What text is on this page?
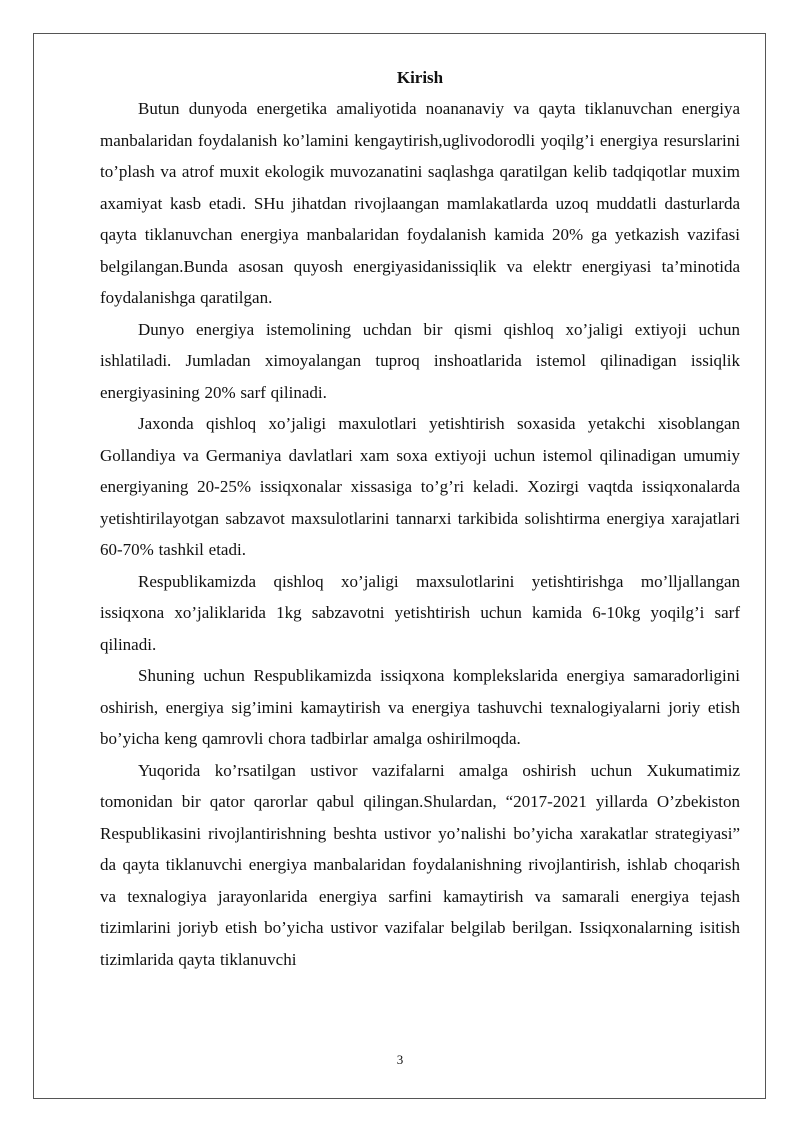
Kirish

Butun dunyoda energetika amaliyotida noananaviy va qayta tiklanuvchan energiya manbalaridan foydalanish ko’lamini kengaytirish,uglivodorodli yoqilg’i energiya resurslarini to’plash va atrof muxit ekologik muvozanatini saqlashga qaratilgan kelib tadqiqotlar muxim axamiyat kasb etadi. SHu jihatdan rivojlaangan mamlakatlarda uzoq muddatli dasturlarda qayta tiklanuvchan energiya manbalaridan foydalanish kamida 20% ga yetkazish vazifasi belgilangan.Bunda asosan quyosh energiyasidanissiqlik va elektr energiyasi ta’minotida foydalanishga qaratilgan.

Dunyo energiya istemolining uchdan bir qismi qishloq xo’jaligi extiyoji uchun ishlatiladi. Jumladan ximoyalangan tuproq inshoatlarida istemol qilinadigan issiqlik energiyasining 20% sarf qilinadi.

Jaxonda qishloq xo’jaligi maxulotlari yetishtirish soxasida yetakchi xisoblangan Gollandiya va Germaniya davlatlari xam soxa extiyoji uchun istemol qilinadigan umumiy energiyaning 20-25% issiqxonalar xissasiga to’g’ri keladi. Xozirgi vaqtda issiqxonalarda yetishtirilayotgan sabzavot maxsulotlarini tannarxi tarkibida solishtirma energiya xarajatlari 60-70% tashkil etadi.

Respublikamizda qishloq xo’jaligi maxsulotlarini yetishtirishga mo’lljallangan issiqxona xo’jaliklarida 1kg sabzavotni yetishtirish uchun kamida 6-10kg yoqilg’i sarf qilinadi.

Shuning uchun Respublikamizda issiqxona komplekslarida energiya samaradorligini oshirish, energiya sig’imini kamaytirish va energiya tashuvchi texnalogiyalarni joriy etish bo’yicha keng qamrovli chora tadbirlar amalga oshirilmoqda.

Yuqorida ko’rsatilgan ustivor vazifalarni amalga oshirish uchun Xukumatimiz tomonidan bir qator qarorlar qabul qilingan.Shulardan, “2017-2021 yillarda O’zbekiston Respublikasini rivojlantirishning beshta ustivor yo’nalishi bo’yicha xarakatlar strategiyasi” da qayta tiklanuvchi energiya manbalaridan foydalanishning rivojlantirish, ishlab choqarish va texnalogiya jarayonlarida energiya sarfini kamaytirish va samarali energiya tejash tizimlarini joriyb etish bo’yicha ustivor vazifalar belgilab berilgan. Issiqxonalarning isitish tizimlarida qayta tiklanuvchi

3
